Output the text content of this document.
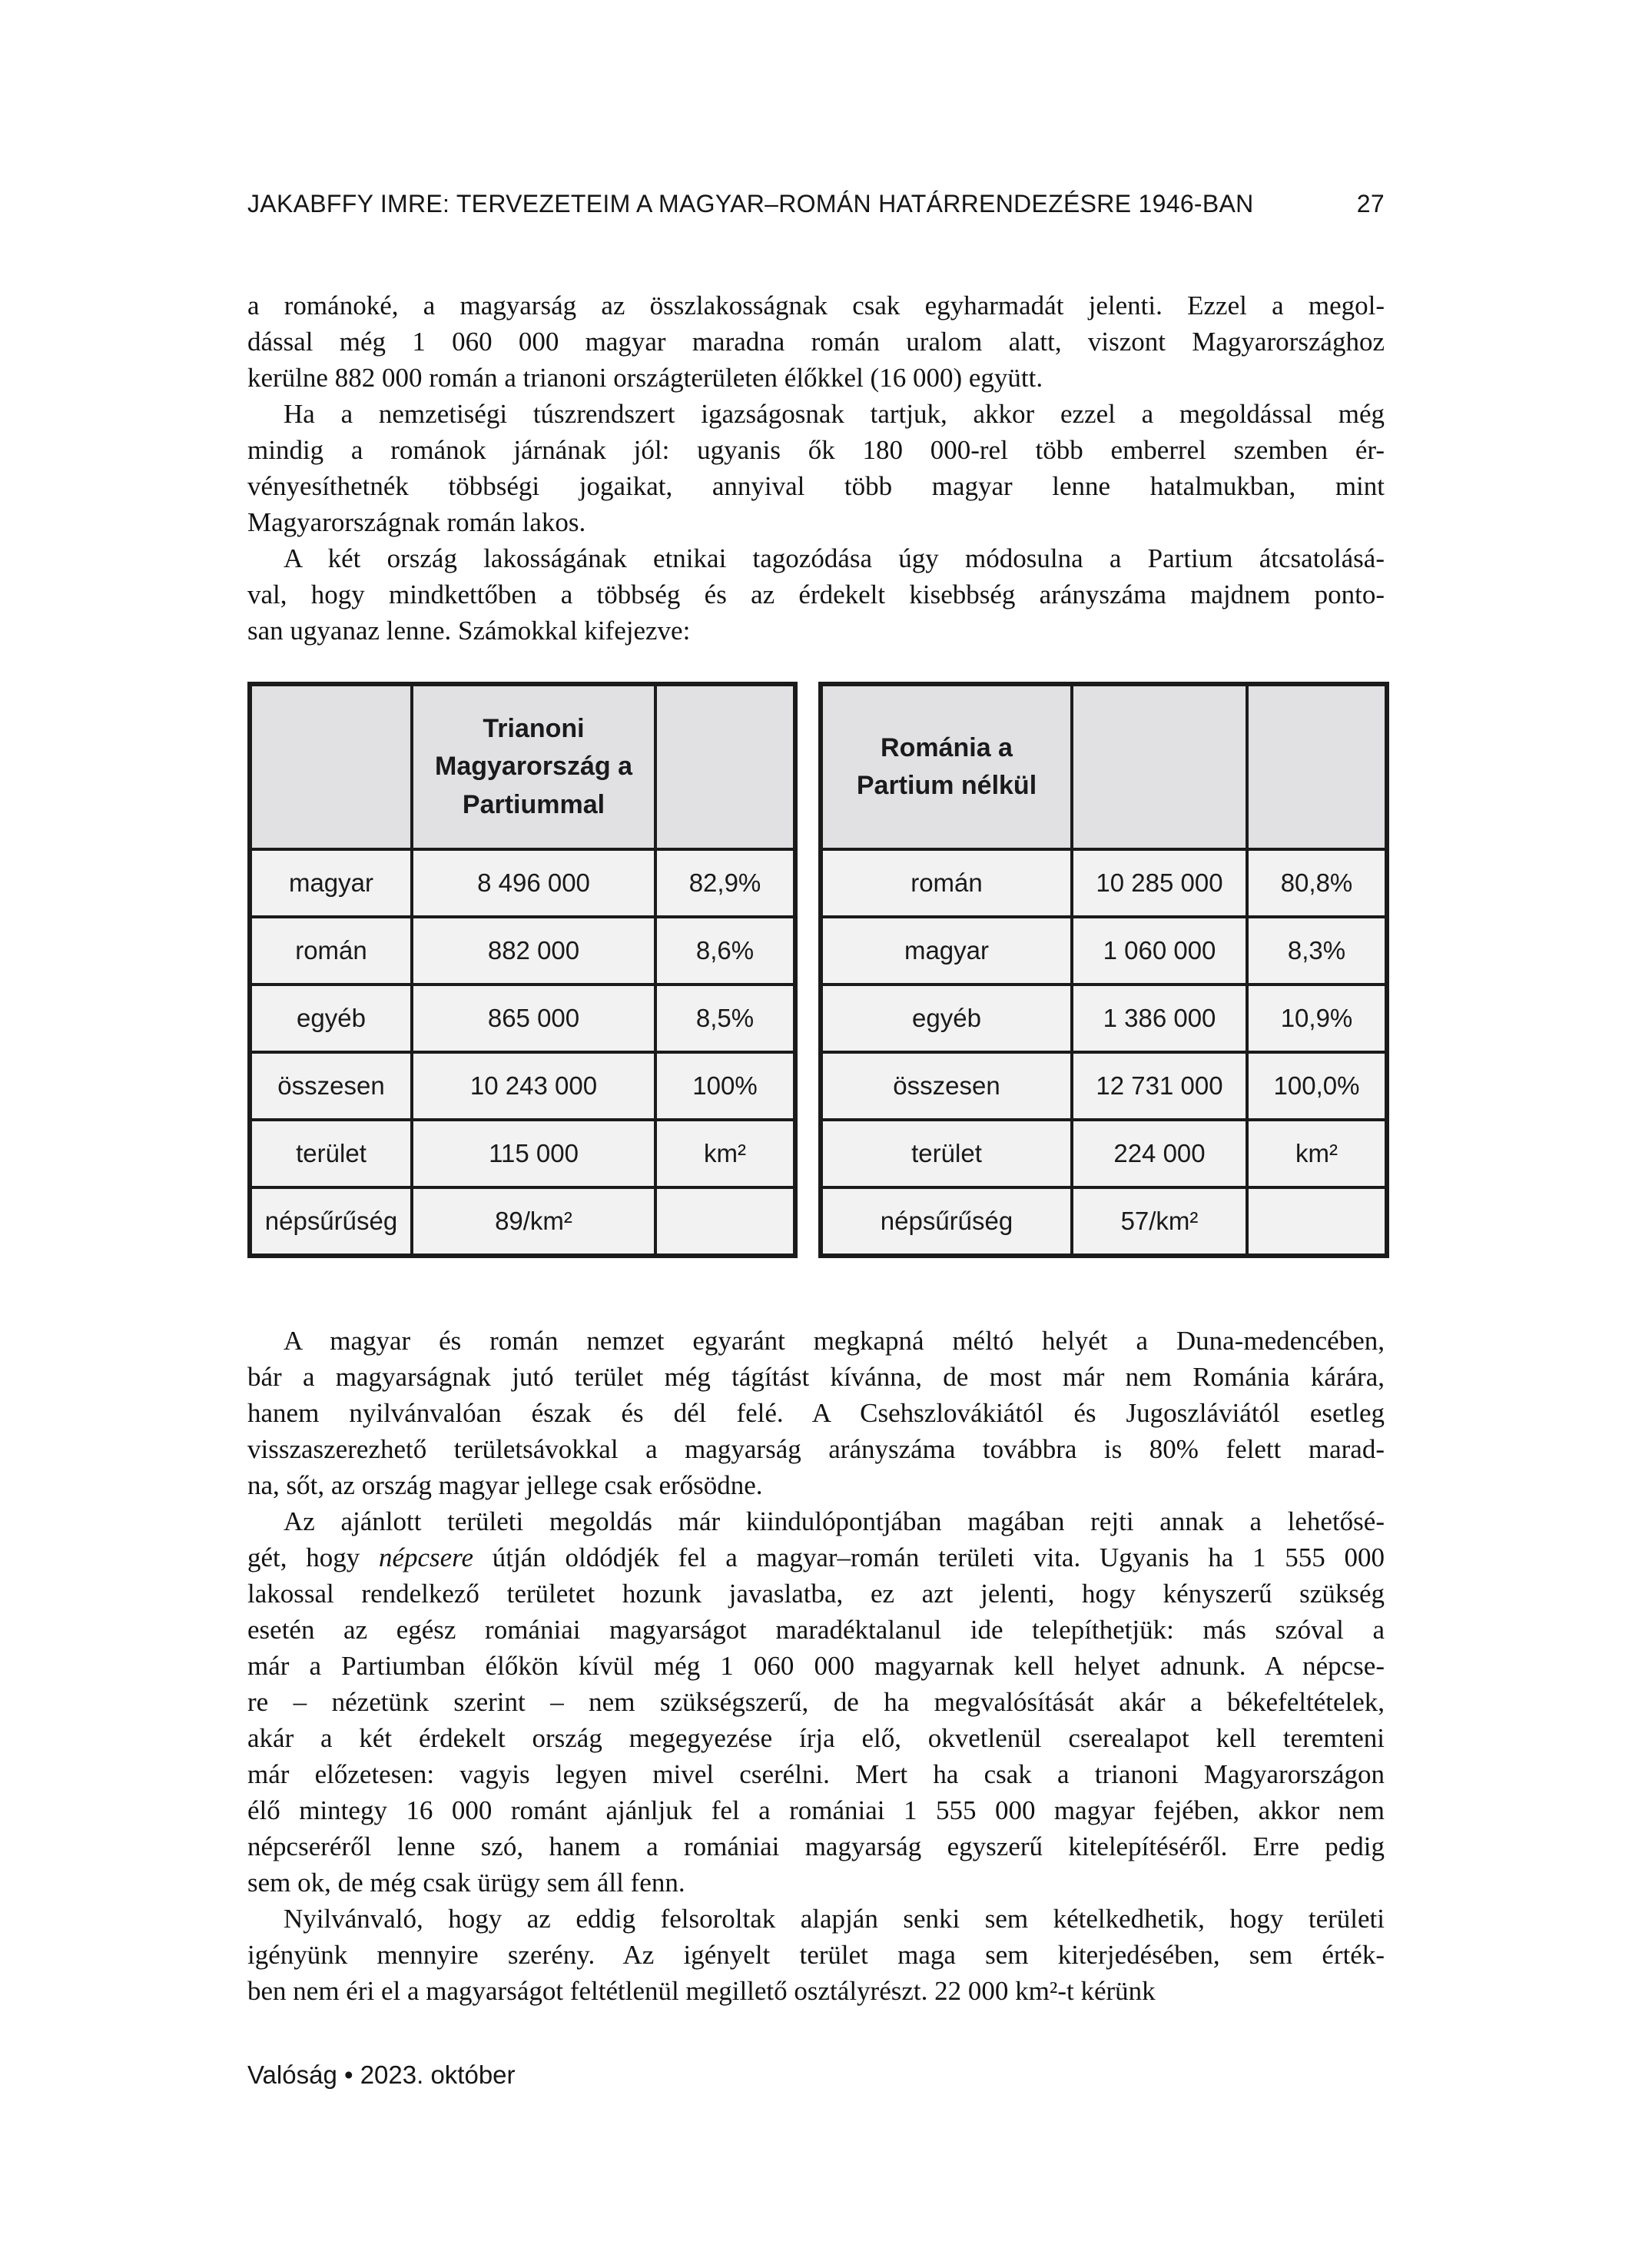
JAKABFFY IMRE: TERVEZETEIM A MAGYAR–ROMÁN HATÁRRENDEZÉSRE 1946-BAN	27
a románoké, a magyarság az összlakosságnak csak egyharmadát jelenti. Ezzel a megol-
dással még 1 060 000 magyar maradna román uralom alatt, viszont Magyarországhoz
kerülne 882 000 román a trianoni országterületen élőkkel (16 000) együtt.
Ha a nemzetiségi túszrendszert igazságosnak tartjuk, akkor ezzel a megoldással még
mindig a románok járnának jól: ugyanis ők 180 000-rel több emberrel szemben ér-
vényesíthetnék többségi jogaikat, annyival több magyar lenne hatalmukban, mint
Magyarországnak román lakos.
A két ország lakosságának etnikai tagozódása úgy módosulna a Partium átcsatolásá-
val, hogy mindkettőben a többség és az érdekelt kisebbség arányszáma majdnem ponto-
san ugyanaz lenne. Számokkal kifejezve:
	Trianoni Magyarország a Partiummal	
magyar	8 496 000	82,9%
román	882 000	8,6%
egyéb	865 000	8,5%
összesen	10 243 000	100%
terület	115 000	km²
népsűrűség	89/km²	
Románia a Partium nélkül		
román	10 285 000	80,8%
magyar	1 060 000	8,3%
egyéb	1 386 000	10,9%
összesen	12 731 000	100,0%
terület	224 000	km²
népsűrűség	57/km²	
A magyar és román nemzet egyaránt megkapná méltó helyét a Duna-medencében,
bár a magyarságnak jutó terület még tágítást kívánna, de most már nem Románia kárára,
hanem nyilvánvalóan észak és dél felé. A Csehszlovákiától és Jugoszláviától esetleg
visszaszerezhető területsávokkal a magyarság arányszáma továbbra is 80% felett marad-
na, sőt, az ország magyar jellege csak erősödne.
Az ajánlott területi megoldás már kiindulópontjában magában rejti annak a lehetősé-
gét, hogy népcsere útján oldódjék fel a magyar–román területi vita. Ugyanis ha 1 555 000
lakossal rendelkező területet hozunk javaslatba, ez azt jelenti, hogy kényszerű szükség
esetén az egész romániai magyarságot maradéktalanul ide telepíthetjük: más szóval a
már a Partiumban élőkön kívül még 1 060 000 magyarnak kell helyet adnunk. A népcse-
re – nézetünk szerint – nem szükségszerű, de ha megvalósítását akár a békefeltételek,
akár a két érdekelt ország megegyezése írja elő, okvetlenül cserealapot kell teremteni
már előzetesen: vagyis legyen mivel cserélni. Mert ha csak a trianoni Magyarországon
élő mintegy 16 000 románt ajánljuk fel a romániai 1 555 000 magyar fejében, akkor nem
népcseréről lenne szó, hanem a romániai magyarság egyszerű kitelepítéséről. Erre pedig
sem ok, de még csak ürügy sem áll fenn.
Nyilvánvaló, hogy az eddig felsoroltak alapján senki sem kételkedhetik, hogy területi
igényünk mennyire szerény. Az igényelt terület maga sem kiterjedésében, sem érték-
ben nem éri el a magyarságot feltétlenül megillető osztályrészt. 22 000 km²-t kérünk
Valóság • 2023. október
